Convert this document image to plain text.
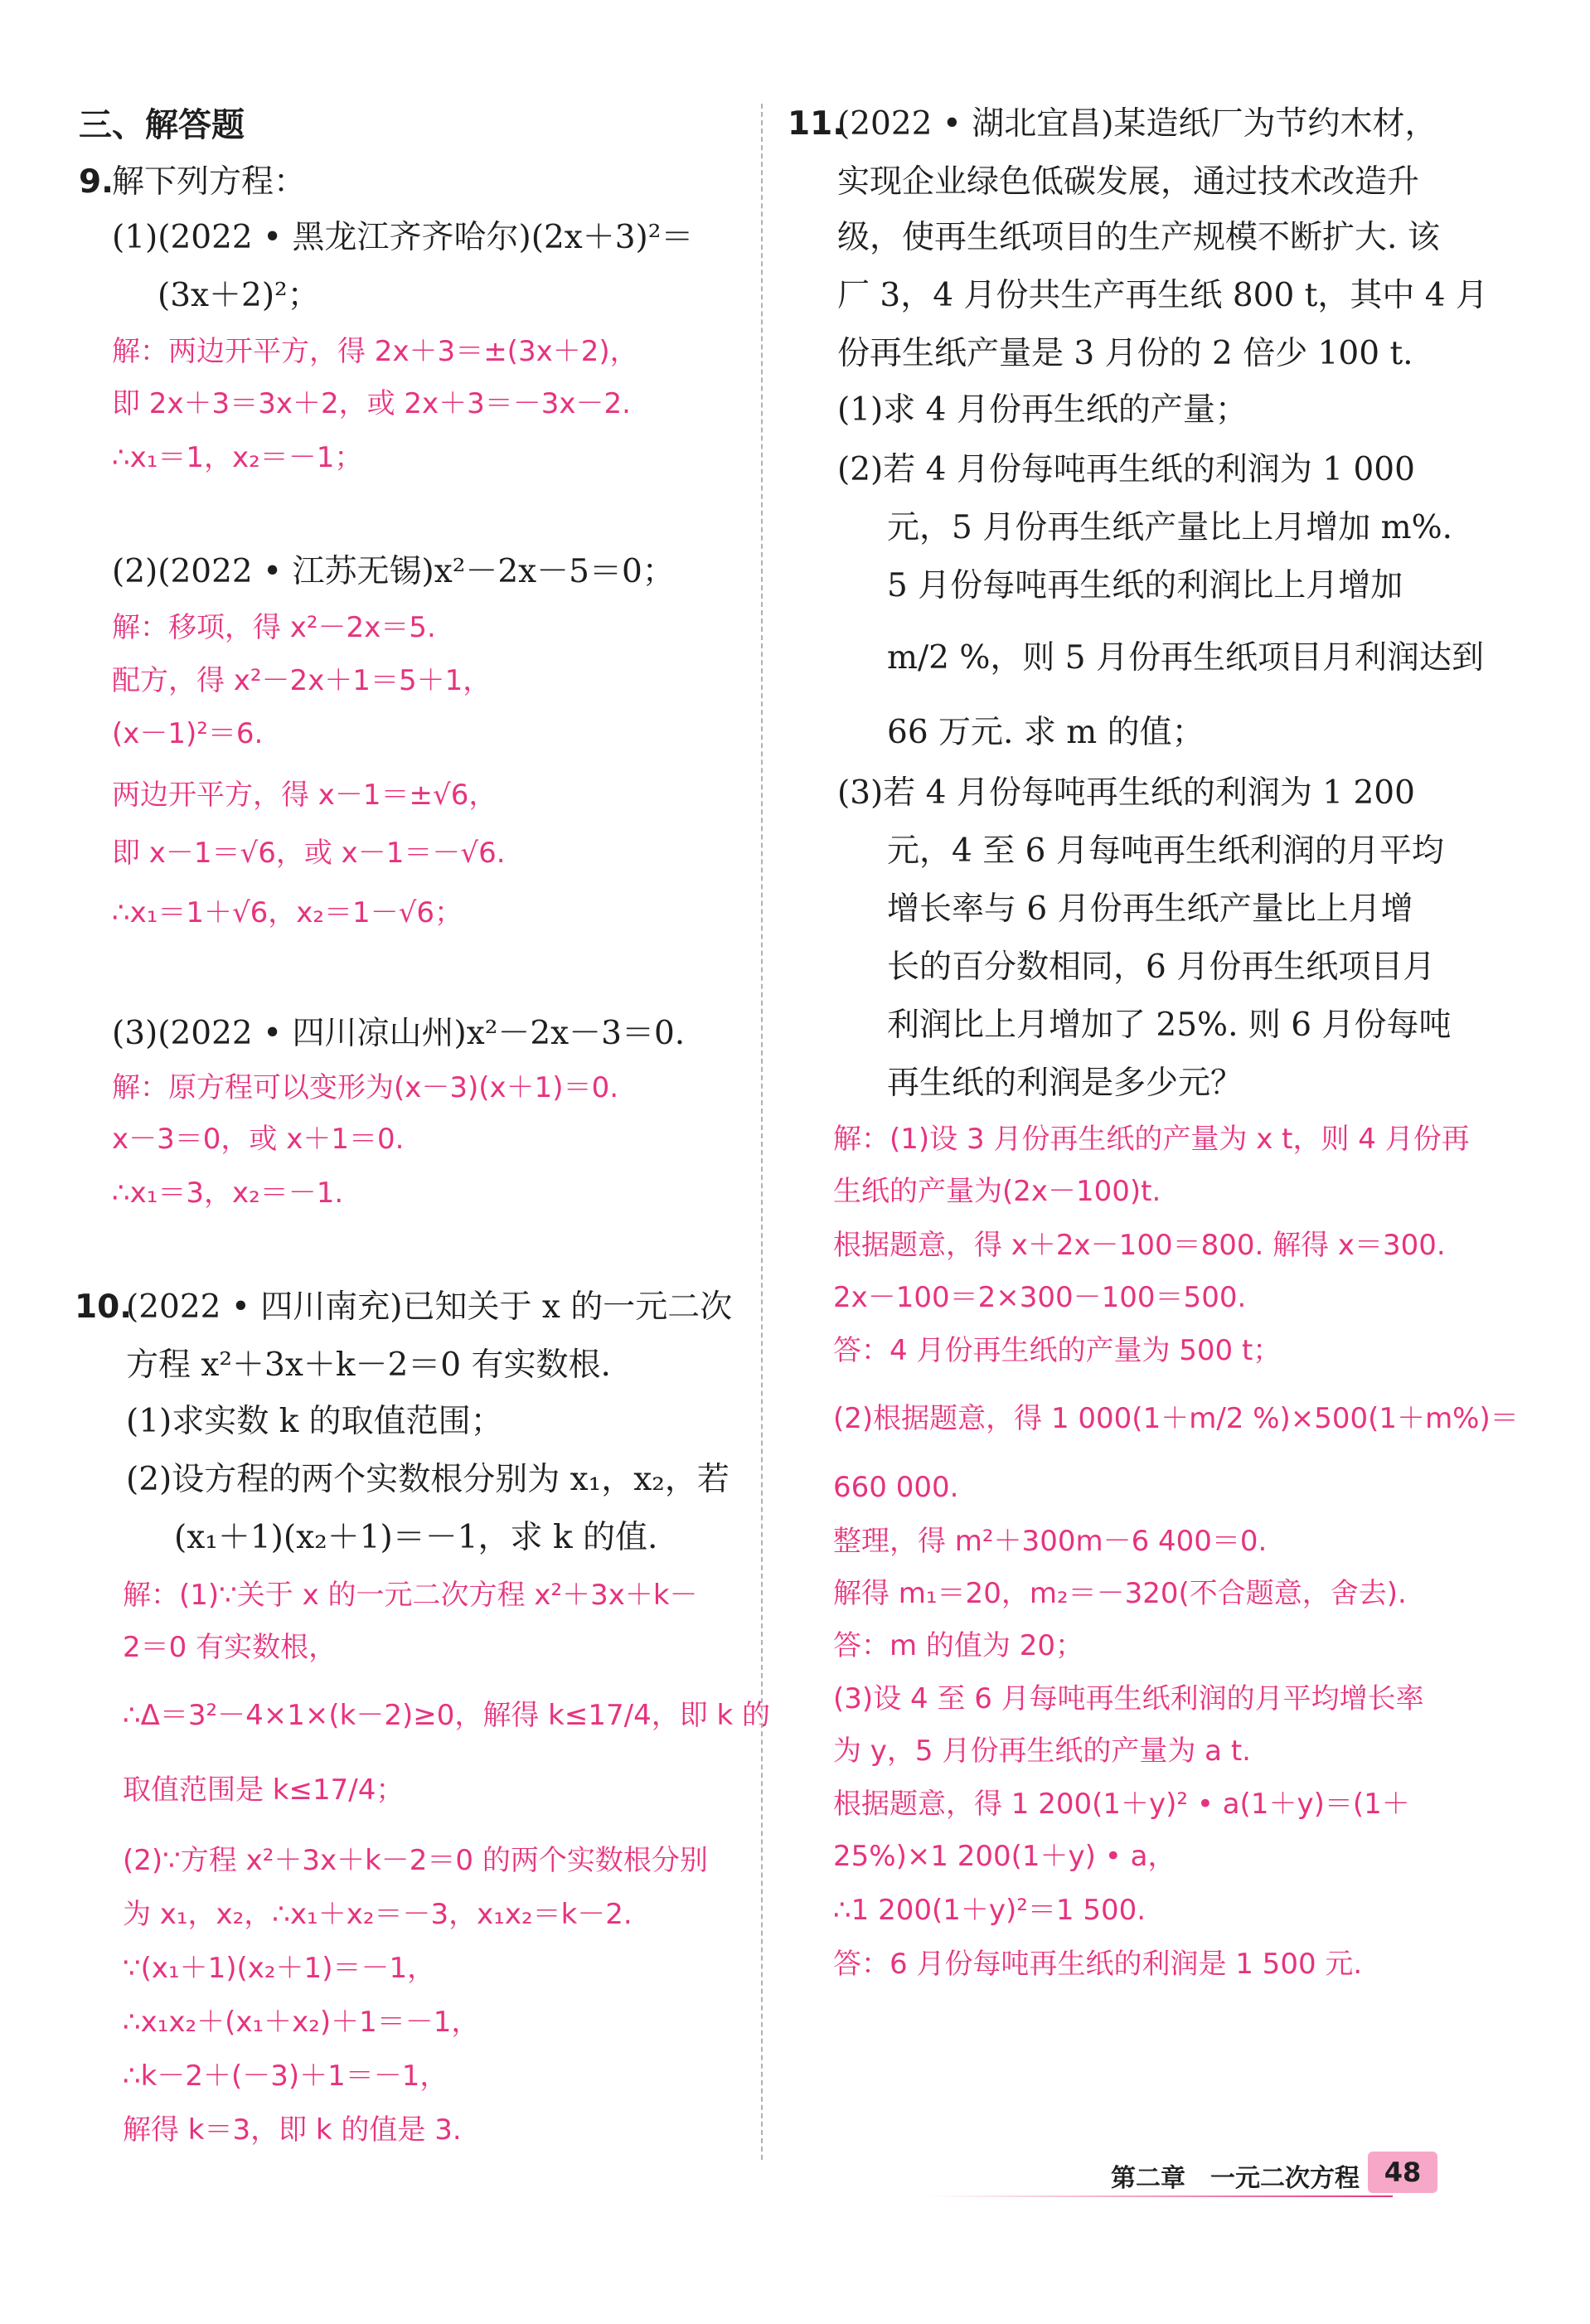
三、解答题
9.
解下列方程：
(1)(2022 • 黑龙江齐齐哈尔)(2x＋3)²＝
(3x＋2)²；
解：两边开平方，得 2x＋3＝±(3x＋2)，
即 2x＋3＝3x＋2，或 2x＋3＝－3x－2.
∴x₁＝1，x₂＝－1；
(2)(2022 • 江苏无锡)x²－2x－5＝0；
解：移项，得 x²－2x＝5.
配方，得 x²－2x＋1＝5＋1，
(x－1)²＝6.
两边开平方，得 x－1＝±√6，
即 x－1＝√6，或 x－1＝－√6.
∴x₁＝1＋√6，x₂＝1－√6；
(3)(2022 • 四川凉山州)x²－2x－3＝0.
解：原方程可以变形为(x－3)(x＋1)＝0.
x－3＝0，或 x＋1＝0.
∴x₁＝3，x₂＝－1.
10.
(2022 • 四川南充)已知关于 x 的一元二次
方程 x²＋3x＋k－2＝0 有实数根.
(1)求实数 k 的取值范围；
(2)设方程的两个实数根分别为 x₁，x₂，若
(x₁＋1)(x₂＋1)＝－1，求 k 的值.
解：(1)∵关于 x 的一元二次方程 x²＋3x＋k－
2＝0 有实数根，
∴Δ＝3²－4×1×(k－2)≥0，解得 k≤17/4，即 k 的
取值范围是 k≤17/4；
(2)∵方程 x²＋3x＋k－2＝0 的两个实数根分别
为 x₁，x₂，∴x₁＋x₂＝－3，x₁x₂＝k－2.
∵(x₁＋1)(x₂＋1)＝－1，
∴x₁x₂＋(x₁＋x₂)＋1＝－1，
∴k－2＋(－3)＋1＝－1，
解得 k＝3，即 k 的值是 3.
11.
(2022 • 湖北宜昌)某造纸厂为节约木材，
实现企业绿色低碳发展，通过技术改造升
级，使再生纸项目的生产规模不断扩大. 该
厂 3，4 月份共生产再生纸 800 t，其中 4 月
份再生纸产量是 3 月份的 2 倍少 100 t.
(1)求 4 月份再生纸的产量；
(2)若 4 月份每吨再生纸的利润为 1 000
元，5 月份再生纸产量比上月增加 m%.
5 月份每吨再生纸的利润比上月增加
m/2 %，则 5 月份再生纸项目月利润达到
66 万元. 求 m 的值；
(3)若 4 月份每吨再生纸的利润为 1 200
元，4 至 6 月每吨再生纸利润的月平均
增长率与 6 月份再生纸产量比上月增
长的百分数相同，6 月份再生纸项目月
利润比上月增加了 25%. 则 6 月份每吨
再生纸的利润是多少元？
解：(1)设 3 月份再生纸的产量为 x t，则 4 月份再
生纸的产量为(2x－100)t.
根据题意，得 x＋2x－100＝800. 解得 x＝300.
2x－100＝2×300－100＝500.
答：4 月份再生纸的产量为 500 t；
(2)根据题意，得 1 000(1＋m/2 %)×500(1＋m%)＝
660 000.
整理，得 m²＋300m－6 400＝0.
解得 m₁＝20，m₂＝－320(不合题意，舍去).
答：m 的值为 20；
(3)设 4 至 6 月每吨再生纸利润的月平均增长率
为 y，5 月份再生纸的产量为 a t.
根据题意，得 1 200(1＋y)² • a(1＋y)＝(1＋
25%)×1 200(1＋y) • a，
∴1 200(1＋y)²＝1 500.
答：6 月份每吨再生纸的利润是 1 500 元.
第二章　一元二次方程 48
